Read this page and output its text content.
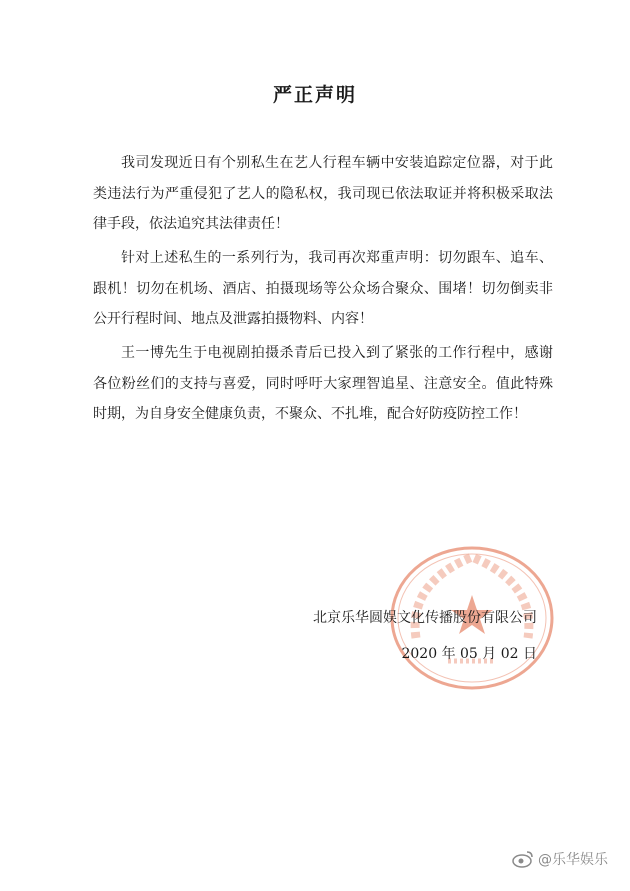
严正声明

我司发现近日有个别私生在艺人行程车辆中安装追踪定位器，对于此类违法行为严重侵犯了艺人的隐私权，我司现已依法取证并将积极采取法律手段，依法追究其法律责任！

针对上述私生的一系列行为，我司再次郑重声明：切勿跟车、追车、跟机！切勿在机场、酒店、拍摄现场等公众场合聚众、围堵！切勿倒卖非公开行程时间、地点及泄露拍摄物料、内容！

王一博先生于电视剧拍摄杀青后已投入到了紧张的工作行程中，感谢各位粉丝们的支持与喜爱，同时呼吁大家理智追星、注意安全。值此特殊时期，为自身安全健康负责，不聚众、不扎堆，配合好防疫防控工作！

北京乐华圆娱文化传播股份有限公司
2020 年 05 月 02 日
@乐华娱乐
